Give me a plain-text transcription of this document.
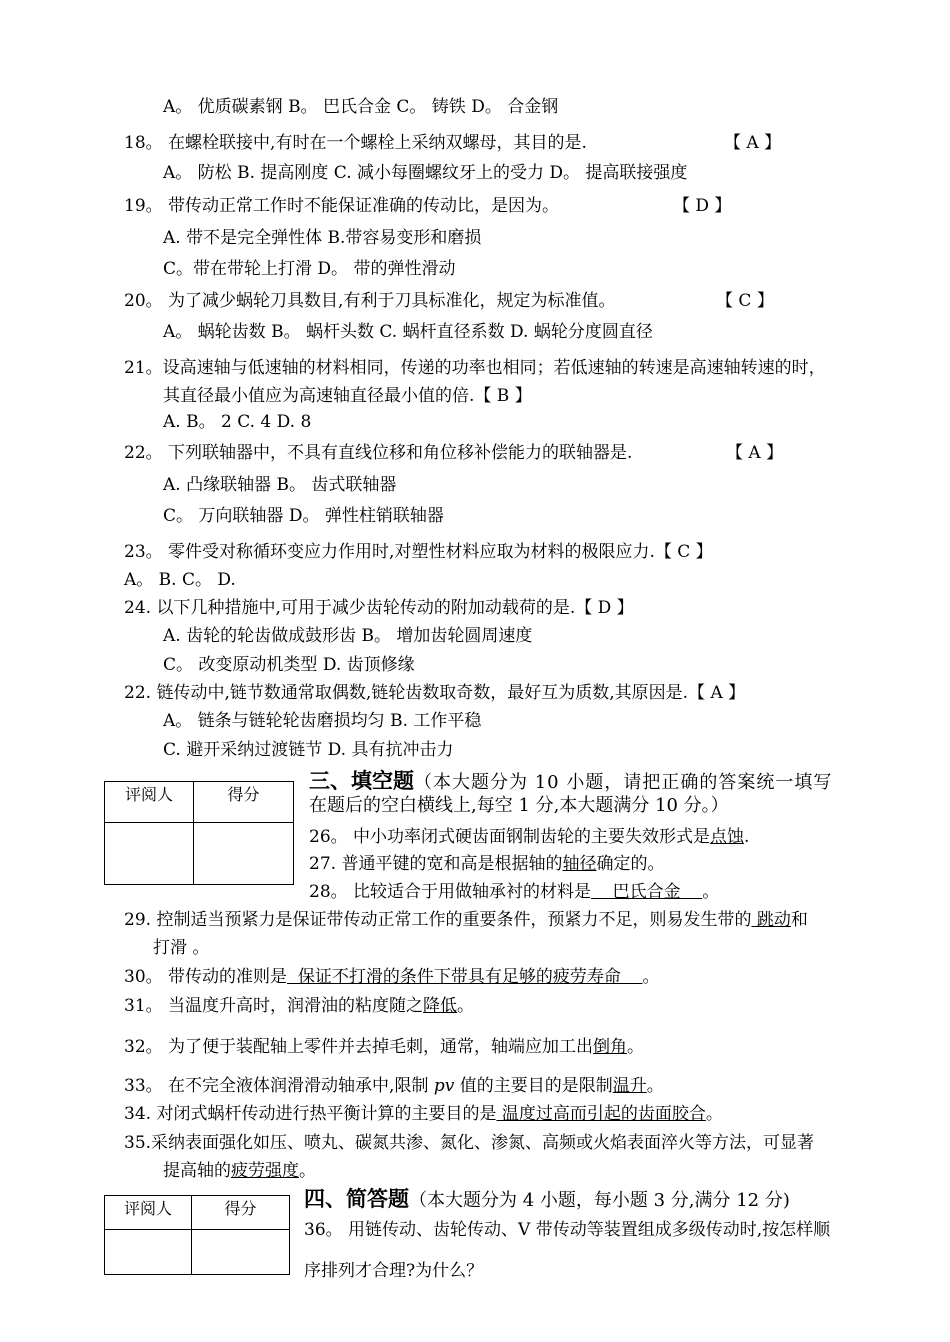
A。 优质碳素钢 B。 巴氏合金 C。 铸铁 D。 合金钢
18。 在螺栓联接中,有时在一个螺栓上采纳双螺母，其目的是.	【 A 】
A。 防松 B. 提高刚度 C. 减小每圈螺纹牙上的受力 D。 提高联接强度
19。 带传动正常工作时不能保证准确的传动比，是因为。	【 D 】
A. 带不是完全弹性体 B.带容易变形和磨损
C。带在带轮上打滑 D。 带的弹性滑动
20。 为了减少蜗轮刀具数目,有利于刀具标准化，规定为标准值。	【 C 】
A。 蜗轮齿数 B。 蜗杆头数 C. 蜗杆直径系数 D. 蜗轮分度圆直径
21。设高速轴与低速轴的材料相同，传递的功率也相同；若低速轴的转速是高速轴转速的时，
其直径最小值应为高速轴直径最小值的倍.【 B 】
A. B。 2 C. 4 D. 8
22。 下列联轴器中，不具有直线位移和角位移补偿能力的联轴器是.	【 A 】
A. 凸缘联轴器 B。 齿式联轴器
C。 万向联轴器 D。 弹性柱销联轴器
23。 零件受对称循环变应力作用时,对塑性材料应取为材料的极限应力.【 C 】
A。 B. C。 D.
24. 以下几种措施中,可用于减少齿轮传动的附加动载荷的是.【 D 】
A. 齿轮的轮齿做成鼓形齿 B。 增加齿轮圆周速度
C。 改变原动机类型 D. 齿顶修缘
22. 链传动中,链节数通常取偶数,链轮齿数取奇数，最好互为质数,其原因是.【 A 】
A。 链条与链轮轮齿磨损均匀 B. 工作平稳
C. 避开采纳过渡链节 D. 具有抗冲击力
评阅人	得分

三、填空题（本大题分为 10 小题，请把正确的答案统一填写
在题后的空白横线上,每空 1 分,本大题满分 10 分。）
26。 中小功率闭式硬齿面钢制齿轮的主要失效形式是点蚀.
27. 普通平键的宽和高是根据轴的轴径确定的。
28。 比较适合于用做轴承衬的材料是    巴氏合金    。
29. 控制适当预紧力是保证带传动正常工作的重要条件，预紧力不足，则易发生带的 跳动和
打滑 。
30。 带传动的准则是  保证不打滑的条件下带具有足够的疲劳寿命    。
31。 当温度升高时，润滑油的粘度随之降低。
32。 为了便于装配轴上零件并去掉毛刺，通常，轴端应加工出倒角。
33。 在不完全液体润滑滑动轴承中,限制 pv 值的主要目的是限制温升。
34. 对闭式蜗杆传动进行热平衡计算的主要目的是 温度过高而引起的齿面胶合。
35.采纳表面强化如压、喷丸、碳氮共渗、氮化、渗氮、高频或火焰表面淬火等方法，可显著
提高轴的疲劳强度。
评阅人	得分
	四、简答题（本大题分为 4 小题，每小题 3 分,满分 12 分)
36。 用链传动、齿轮传动、V 带传动等装置组成多级传动时,按怎样顺
序排列才合理?为什么？
